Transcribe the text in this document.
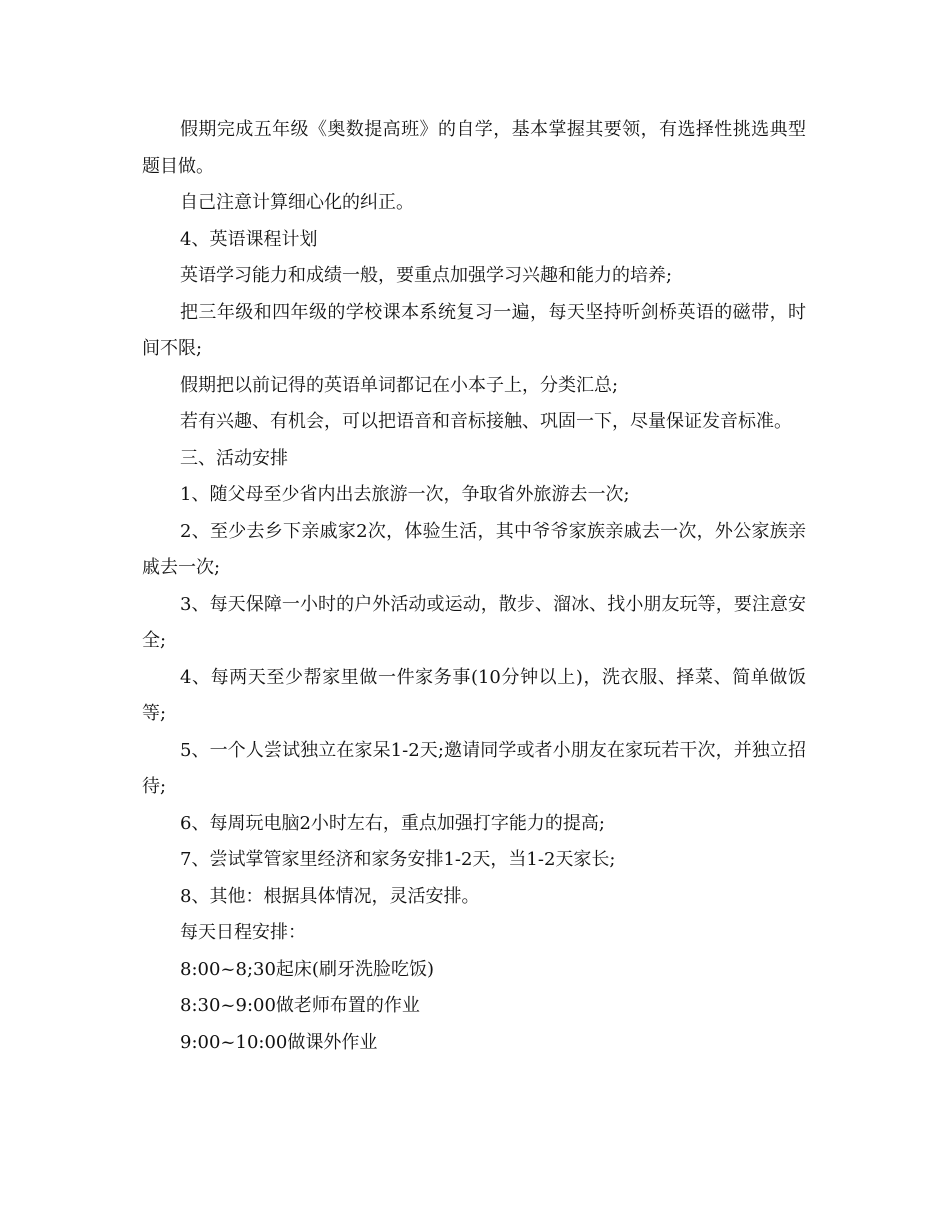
假期完成五年级《奥数提高班》的自学，基本掌握其要领，有选择性挑选典型题目做。

自己注意计算细心化的纠正。

4、英语课程计划

英语学习能力和成绩一般，要重点加强学习兴趣和能力的培养;

把三年级和四年级的学校课本系统复习一遍，每天坚持听剑桥英语的磁带，时间不限;

假期把以前记得的英语单词都记在小本子上，分类汇总;

若有兴趣、有机会，可以把语音和音标接触、巩固一下，尽量保证发音标准。

三、活动安排

1、随父母至少省内出去旅游一次，争取省外旅游去一次;

2、至少去乡下亲戚家2次，体验生活，其中爷爷家族亲戚去一次，外公家族亲戚去一次;

3、每天保障一小时的户外活动或运动，散步、溜冰、找小朋友玩等，要注意安全;

4、每两天至少帮家里做一件家务事(10分钟以上)，洗衣服、择菜、简单做饭等;

5、一个人尝试独立在家呆1-2天;邀请同学或者小朋友在家玩若干次，并独立招待;

6、每周玩电脑2小时左右，重点加强打字能力的提高;

7、尝试掌管家里经济和家务安排1-2天，当1-2天家长;

8、其他：根据具体情况，灵活安排。

每天日程安排：

8:00~8;30起床(刷牙洗脸吃饭)

8:30~9:00做老师布置的作业

9:00~10:00做课外作业
